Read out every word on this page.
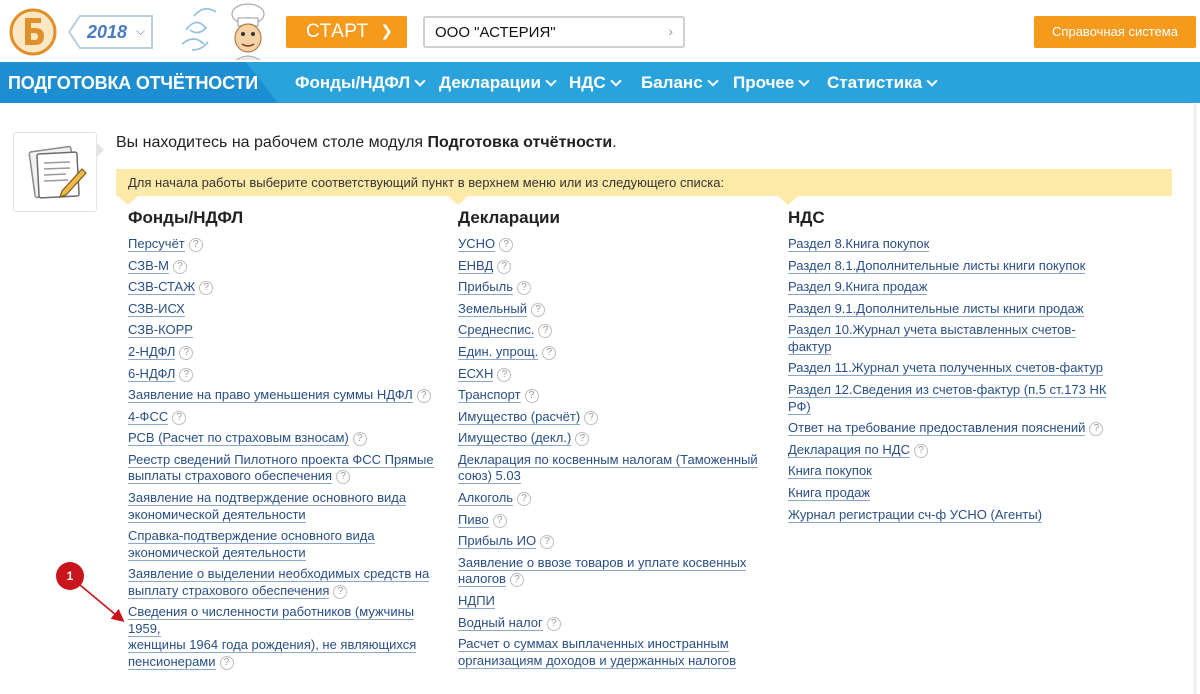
2018 ⌵	СТАРТ ❯	ООО "АСТЕРИЯ"	›	Справочная система
ПОДГОТОВКА ОТЧЁТНОСТИ Фонды/НДФЛ	Декларации	НДС	Баланс	Прочее	Статистика
Вы находитесь на рабочем столе модуля Подготовка отчётности.
Для начала работы выберите соответствующий пункт в верхнем меню или из следующего списка:
Фонды/НДФЛ
Персучёт ?
СЗВ-М ?
СЗВ-СТАЖ ?
СЗВ-ИСХ
СЗВ-КОРР
2-НДФЛ ?
6-НДФЛ ?
Заявление на право уменьшения суммы НДФЛ ?
4-ФСС ?
РСВ (Расчет по страховым взносам) ?
Реестр сведений Пилотного проекта ФСС Прямые
выплаты страхового обеспечения ?
Заявление на подтверждение основного вида
экономической деятельности
Справка-подтверждение основного вида
экономической деятельности
Заявление о выделении необходимых средств на
выплату страхового обеспечения ?
Сведения о численности работников (мужчины 1959,
женщины 1964 года рождения), не являющихся
пенсионерами ?
Декларации
УСНО ?
ЕНВД ?
Прибыль ?
Земельный ?
Среднеспис. ?
Един. упрощ. ?
ЕСХН ?
Транспорт ?
Имущество (расчёт) ?
Имущество (декл.) ?
Декларация по косвенным налогам (Таможенный
союз) 5.03
Алкоголь ?
Пиво ?
Прибыль ИО ?
Заявление о ввозе товаров и уплате косвенных
налогов ?
НДПИ
Водный налог ?
Расчет о суммах выплаченных иностранным
организациям доходов и удержанных налогов
НДС
Раздел 8.Книга покупок
Раздел 8.1.Дополнительные листы книги покупок
Раздел 9.Книга продаж
Раздел 9.1.Дополнительные листы книги продаж
Раздел 10.Журнал учета выставленных счетов-
фактур
Раздел 11.Журнал учета полученных счетов-фактур
Раздел 12.Сведения из счетов-фактур (п.5 ст.173 НК
РФ)
Ответ на требование предоставления пояснений ?
Декларация по НДС ?
Книга покупок
Книга продаж
Журнал регистрации сч-ф УСНО (Агенты)
1
